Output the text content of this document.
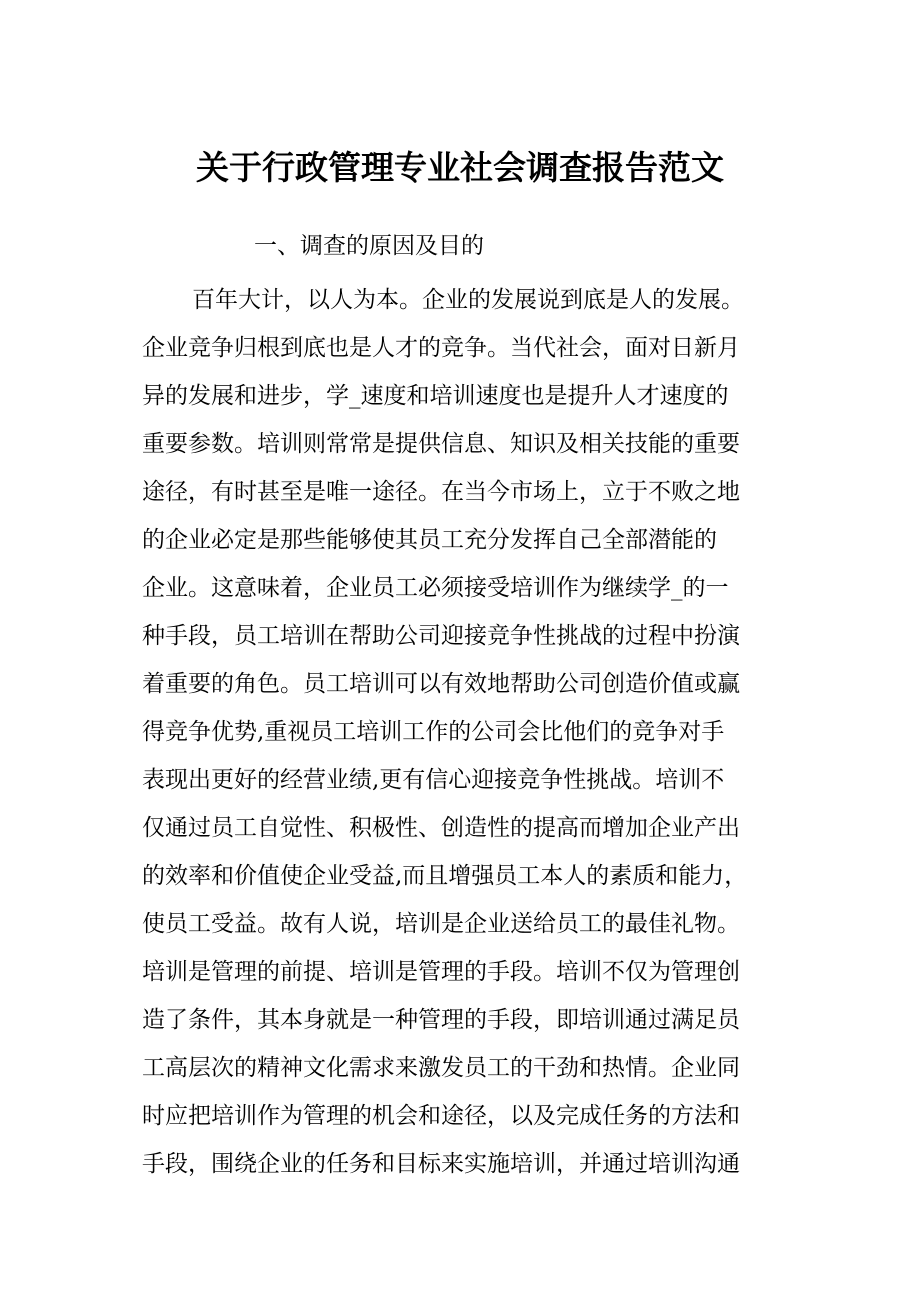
关于行政管理专业社会调查报告范文

一、调查的原因及目的

百年大计，以人为本。企业的发展说到底是人的发展。
企业竞争归根到底也是人才的竞争。当代社会，面对日新月
异的发展和进步，学_速度和培训速度也是提升人才速度的
重要参数。培训则常常是提供信息、知识及相关技能的重要
途径，有时甚至是唯一途径。在当今市场上，立于不败之地
的企业必定是那些能够使其员工充分发挥自己全部潜能的
企业。这意味着，企业员工必须接受培训作为继续学_的一
种手段，员工培训在帮助公司迎接竞争性挑战的过程中扮演
着重要的角色。员工培训可以有效地帮助公司创造价值或赢
得竞争优势,重视员工培训工作的公司会比他们的竞争对手
表现出更好的经营业绩,更有信心迎接竞争性挑战。培训不
仅通过员工自觉性、积极性、创造性的提高而增加企业产出
的效率和价值使企业受益,而且增强员工本人的素质和能力，
使员工受益。故有人说，培训是企业送给员工的最佳礼物。
培训是管理的前提、培训是管理的手段。培训不仅为管理创
造了条件，其本身就是一种管理的手段，即培训通过满足员
工高层次的精神文化需求来激发员工的干劲和热情。企业同
时应把培训作为管理的机会和途径，以及完成任务的方法和
手段，围绕企业的任务和目标来实施培训，并通过培训沟通
